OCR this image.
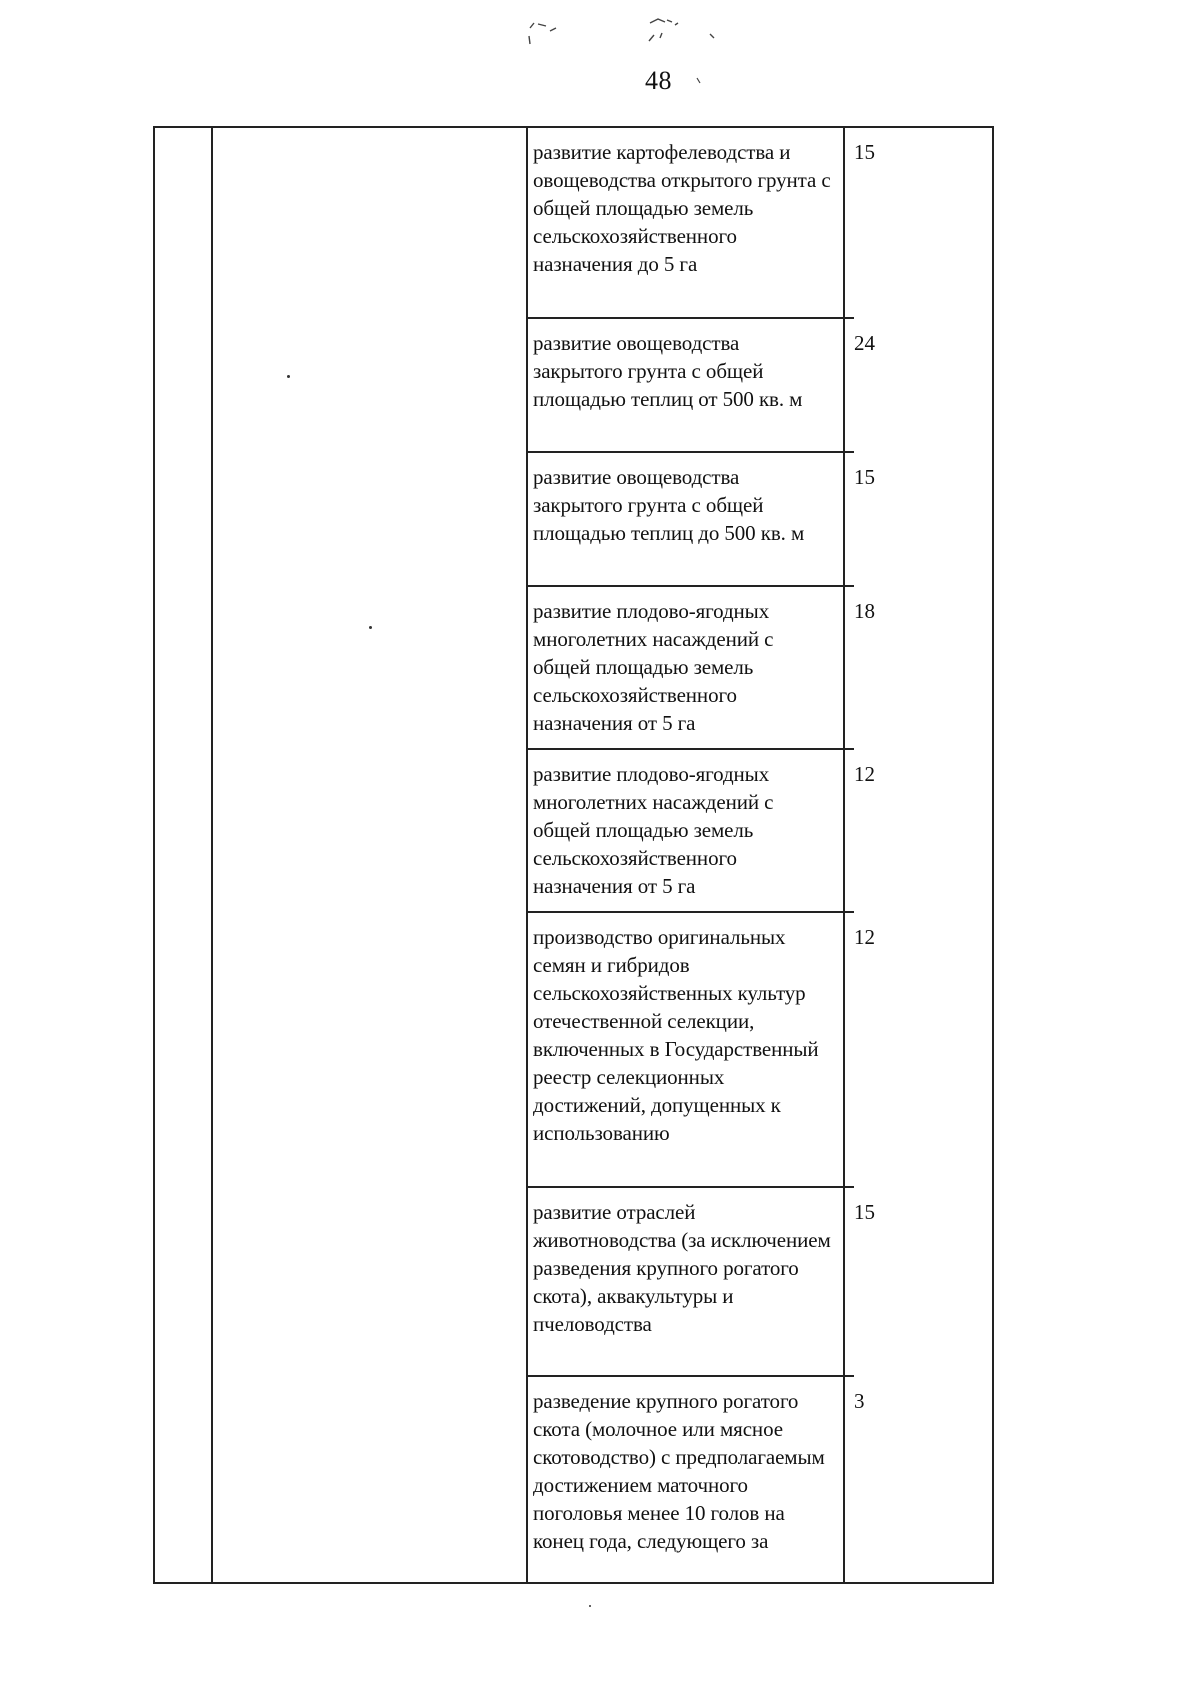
48
развитие картофелеводства и овощеводства открытого грунта с общей площадью земель сельскохозяйственного назначения до 5 га
15
развитие овощеводства закрытого грунта с общей площадью теплиц от 500 кв. м
24
развитие овощеводства закрытого грунта с общей площадью теплиц до 500 кв. м
15
развитие плодово-ягодных многолетних насаждений с общей площадью земель сельскохозяйственного назначения от 5 га
18
развитие плодово-ягодных многолетних насаждений с общей площадью земель сельскохозяйственного назначения от 5 га
12
производство оригинальных семян и гибридов сельскохозяйственных культур отечественной селекции, включенных в Государственный реестр селекционных достижений, допущенных к использованию
12
развитие отраслей животноводства (за исключением разведения крупного рогатого скота), аквакультуры и пчеловодства
15
разведение крупного рогатого скота (молочное или мясное скотоводство) с предполагаемым достижением маточного поголовья менее 10 голов на конец года, следующего за
3
